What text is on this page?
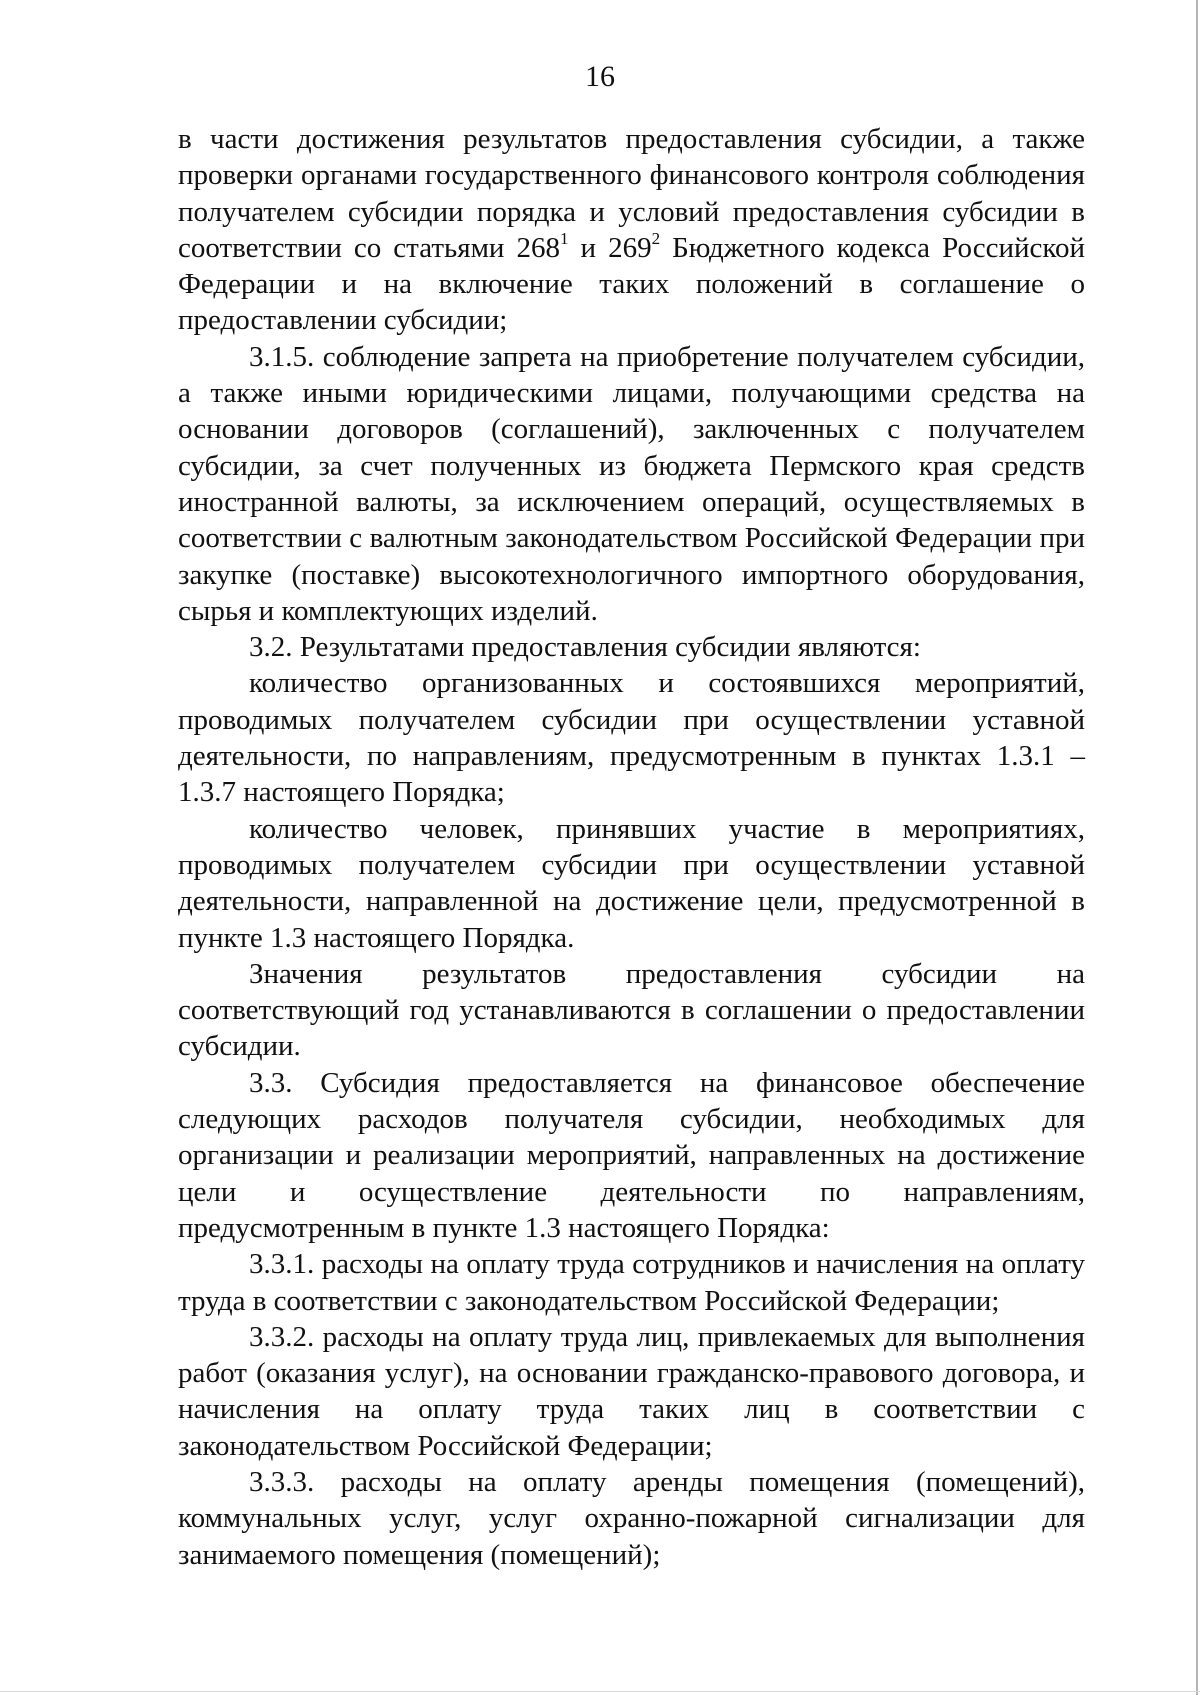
16

в части достижения результатов предоставления субсидии, а также проверки органами государственного финансового контроля соблюдения получателем субсидии порядка и условий предоставления субсидии в соответствии со статьями $268^1$ и $269^2$ Бюджетного кодекса Российской Федерации и на включение таких положений в соглашение о предоставлении субсидии;

3.1.5. соблюдение запрета на приобретение получателем субсидии, а также иными юридическими лицами, получающими средства на основании договоров (соглашений), заключенных с получателем субсидии, за счет полученных из бюджета Пермского края средств иностранной валюты, за исключением операций, осуществляемых в соответствии с валютным законодательством Российской Федерации при закупке (поставке) высокотехнологичного импортного оборудования, сырья и комплектующих изделий.

3.2. Результатами предоставления субсидии являются:

количество организованных и состоявшихся мероприятий, проводимых получателем субсидии при осуществлении уставной деятельности, по направлениям, предусмотренным в пунктах 1.3.1 – 1.3.7 настоящего Порядка;

количество человек, принявших участие в мероприятиях, проводимых получателем субсидии при осуществлении уставной деятельности, направленной на достижение цели, предусмотренной в пункте 1.3 настоящего Порядка.

Значения результатов предоставления субсидии на соответствующий год устанавливаются в соглашении о предоставлении субсидии.

3.3. Субсидия предоставляется на финансовое обеспечение следующих расходов получателя субсидии, необходимых для организации и реализации мероприятий, направленных на достижение цели и осуществление деятельности по направлениям, предусмотренным в пункте 1.3 настоящего Порядка:

3.3.1. расходы на оплату труда сотрудников и начисления на оплату труда в соответствии с законодательством Российской Федерации;

3.3.2. расходы на оплату труда лиц, привлекаемых для выполнения работ (оказания услуг), на основании гражданско-правового договора, и начисления на оплату труда таких лиц в соответствии с законодательством Российской Федерации;

3.3.3. расходы на оплату аренды помещения (помещений), коммунальных услуг, услуг охранно-пожарной сигнализации для занимаемого помещения (помещений);
